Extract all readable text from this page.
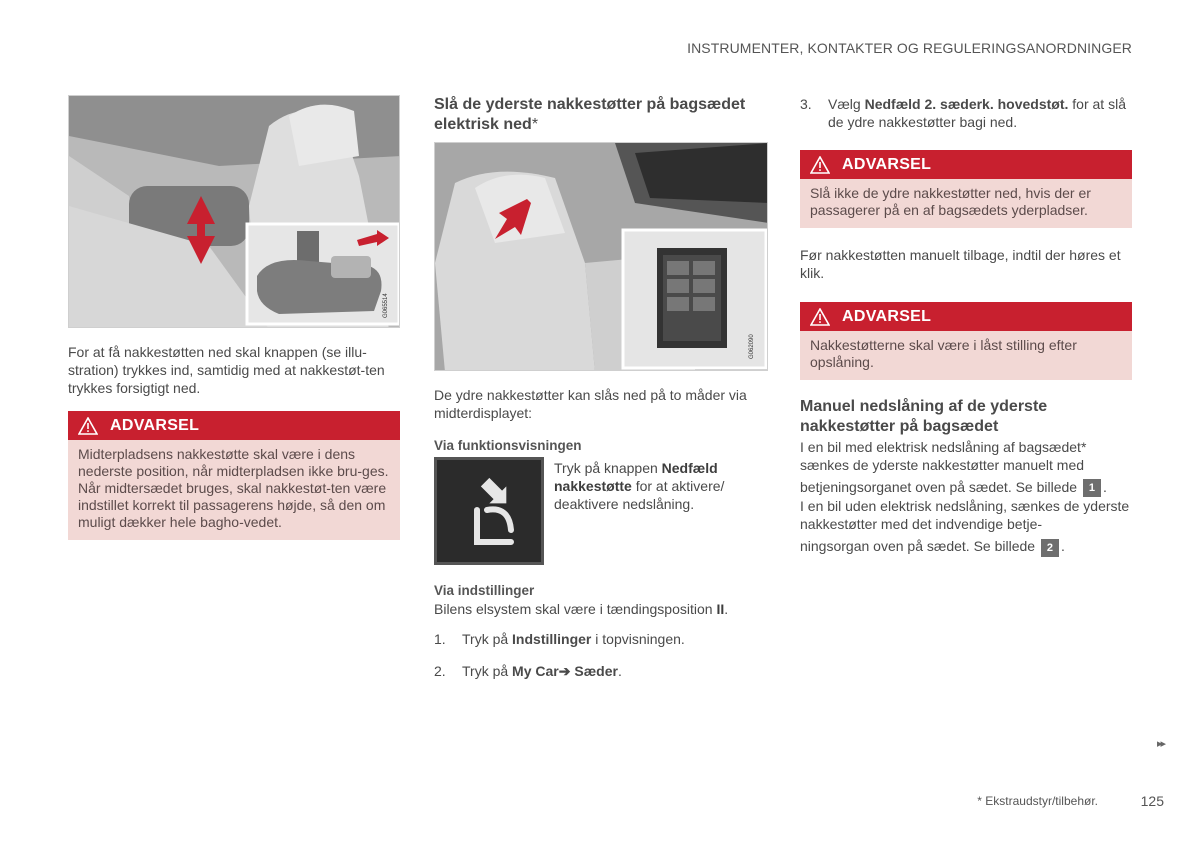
INSTRUMENTER, KONTAKTER OG REGULERINGSANORDNINGER
G065514

For at få nakkestøtten ned skal knappen (se illu-stration) trykkes ind, samtidig med at nakkestøt-ten trykkes forsigtigt ned.

ADVARSEL
Midterpladsens nakkestøtte skal være i dens nederste position, når midterpladsen ikke bru-ges. Når midtersædet bruges, skal nakkestøt-ten være indstillet korrekt til passagerens højde, så den om muligt dækker hele bagho-vedet.
Slå de yderste nakkestøtter på bagsædet elektrisk ned*
G062090

De ydre nakkestøtter kan slås ned på to måder via midterdisplayet:

Via funktionsvisningen

Tryk på knappen Nedfæld nakkestøtte for at aktivere/ deaktivere nedslåning.

Via indstillinger

Bilens elsystem skal være i tændingsposition II.

1.	Tryk på Indstillinger i topvisningen.
2.	Tryk på My Car➔ Sæder.
3.	Vælg Nedfæld 2. sæderk. hovedstøt. for at slå de ydre nakkestøtter bagi ned.
ADVARSEL
Slå ikke de ydre nakkestøtter ned, hvis der er passagerer på en af bagsædets yderpladser.

Før nakkestøtten manuelt tilbage, indtil der høres et klik.

ADVARSEL
Nakkestøtterne skal være i låst stilling efter opslåning.
Manuel nedslåning af de yderste nakkestøtter på bagsædet

I en bil med elektrisk nedslåning af bagsædet* sænkes de yderste nakkestøtter manuelt med

betjeningsorganet oven på sædet. Se billede 1 .

I en bil uden elektrisk nedslåning, sænkes de yderste nakkestøtter med det indvendige betje-

ningsorgan oven på sædet. Se billede 2 .

▸▸
* Ekstraudstyr/tilbehør.	125
